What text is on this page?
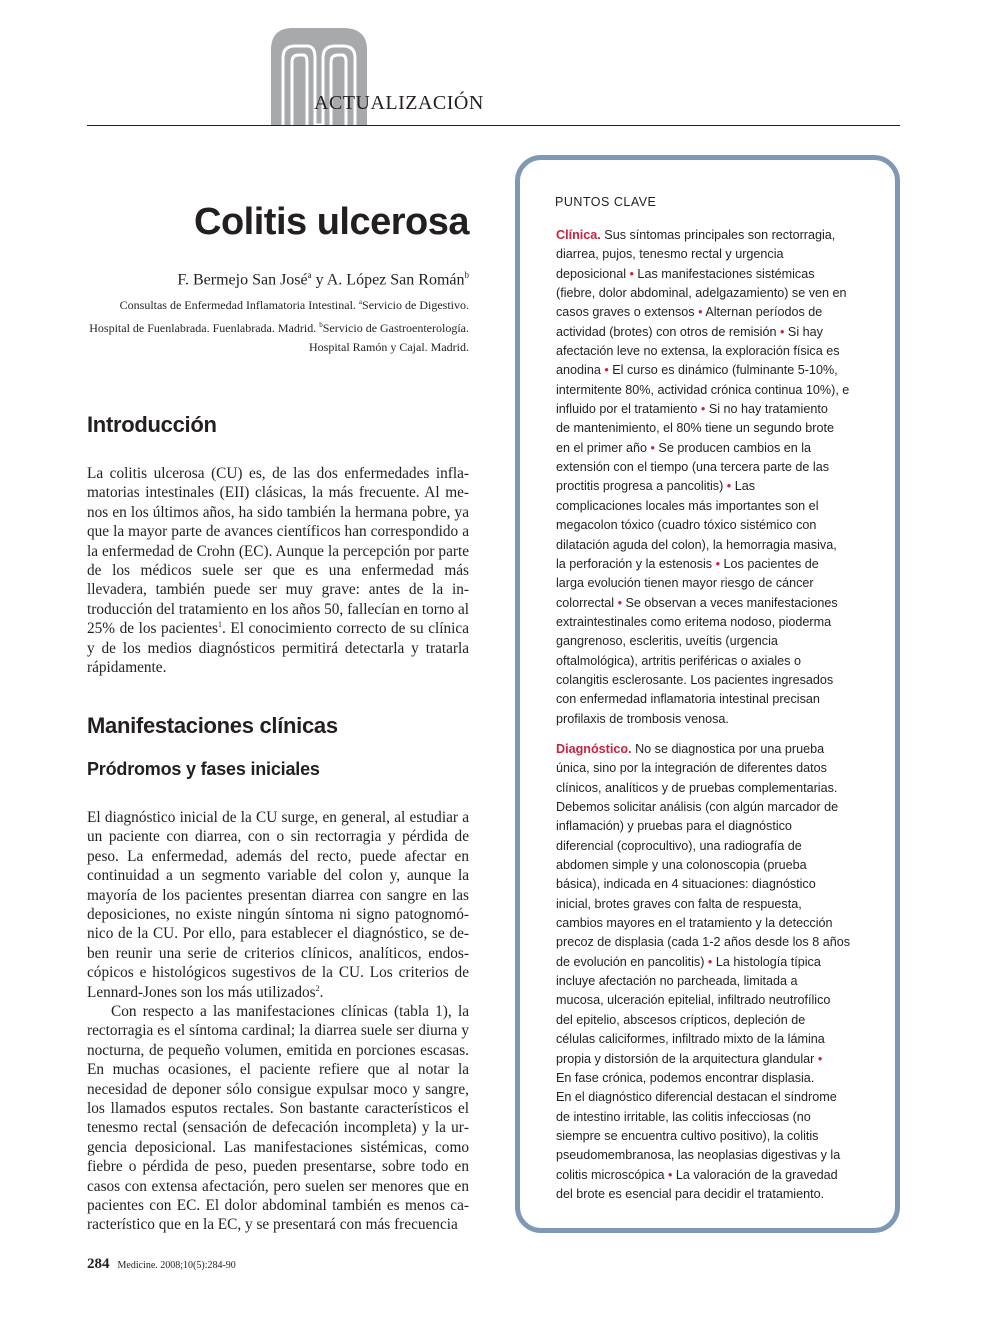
ACTUALIZACIÓN
Colitis ulcerosa
F. Bermejo San José$^a$ y A. López San Román$^b$
Consultas de Enfermedad Inflamatoria Intestinal. $^a$Servicio de Digestivo.
Hospital de Fuenlabrada. Fuenlabrada. Madrid. $^b$Servicio de Gastroenterología.
Hospital Ramón y Cajal. Madrid.
Introducción

La colitis ulcerosa (CU) es, de las dos enfermedades inflamatorias intestinales (EII) clásicas, la más frecuente. Al menos en los últimos años, ha sido también la hermana pobre, ya que la mayor parte de avances científicos han correspondido a la enfermedad de Crohn (EC). Aunque la percepción por parte de los médicos suele ser que es una enfermedad más llevadera, también puede ser muy grave: antes de la introducción del tratamiento en los años 50, fallecían en torno al 25% de los pacientes$^1$. El conocimiento correcto de su clínica y de los medios diagnósticos permitirá detectarla y tratarla rápidamente.

Manifestaciones clínicas
Pródromos y fases iniciales

El diagnóstico inicial de la CU surge, en general, al estudiar a un paciente con diarrea, con o sin rectorragia y pérdida de peso. La enfermedad, además del recto, puede afectar en continuidad a un segmento variable del colon y, aunque la mayoría de los pacientes presentan diarrea con sangre en las deposiciones, no existe ningún síntoma ni signo patognomónico de la CU. Por ello, para establecer el diagnóstico, se deben reunir una serie de criterios clínicos, analíticos, endoscópicos e histológicos sugestivos de la CU. Los criterios de Lennard-Jones son los más utilizados$^2$.

Con respecto a las manifestaciones clínicas (tabla 1), la rectorragia es el síntoma cardinal; la diarrea suele ser diurna y nocturna, de pequeño volumen, emitida en porciones escasas. En muchas ocasiones, el paciente refiere que al notar la necesidad de deponer sólo consigue expulsar moco y sangre, los llamados esputos rectales. Son bastante característicos el tenesmo rectal (sensación de defecación incompleta) y la urgencia deposicional. Las manifestaciones sistémicas, como fiebre o pérdida de peso, pueden presentarse, sobre todo en casos con extensa afectación, pero suelen ser menores que en pacientes con EC. El dolor abdominal también es menos característico que en la EC, y se presentará con más frecuencia

284 Medicine. 2008;10(5):284-90
PUNTOS CLAVE
Clínica. Sus síntomas principales son rectorragia,
diarrea, pujos, tenesmo rectal y urgencia
deposicional • Las manifestaciones sistémicas
(fiebre, dolor abdominal, adelgazamiento) se ven en
casos graves o extensos • Alternan períodos de
actividad (brotes) con otros de remisión • Si hay
afectación leve no extensa, la exploración física es
anodina • El curso es dinámico (fulminante 5-10%,
intermitente 80%, actividad crónica continua 10%), e
influido por el tratamiento • Si no hay tratamiento
de mantenimiento, el 80% tiene un segundo brote
en el primer año • Se producen cambios en la
extensión con el tiempo (una tercera parte de las
proctitis progresa a pancolitis) • Las
complicaciones locales más importantes son el
megacolon tóxico (cuadro tóxico sistémico con
dilatación aguda del colon), la hemorragia masiva,
la perforación y la estenosis • Los pacientes de
larga evolución tienen mayor riesgo de cáncer
colorrectal • Se observan a veces manifestaciones
extraintestinales como eritema nodoso, pioderma
gangrenoso, escleritis, uveítis (urgencia
oftalmológica), artritis periféricas o axiales o
colangitis esclerosante. Los pacientes ingresados
con enfermedad inflamatoria intestinal precisan
profilaxis de trombosis venosa.
Diagnóstico. No se diagnostica por una prueba
única, sino por la integración de diferentes datos
clínicos, analíticos y de pruebas complementarias.
Debemos solicitar análisis (con algún marcador de
inflamación) y pruebas para el diagnóstico
diferencial (coprocultivo), una radiografía de
abdomen simple y una colonoscopia (prueba
básica), indicada en 4 situaciones: diagnóstico
inicial, brotes graves con falta de respuesta,
cambios mayores en el tratamiento y la detección
precoz de displasia (cada 1-2 años desde los 8 años
de evolución en pancolitis) • La histología típica
incluye afectación no parcheada, limitada a
mucosa, ulceración epitelial, infiltrado neutrofílico
del epitelio, abscesos crípticos, depleción de
células caliciformes, infiltrado mixto de la lámina
propia y distorsión de la arquitectura glandular •
En fase crónica, podemos encontrar displasia.
En el diagnóstico diferencial destacan el síndrome
de intestino irritable, las colitis infecciosas (no
siempre se encuentra cultivo positivo), la colitis
pseudomembranosa, las neoplasias digestivas y la
colitis microscópica • La valoración de la gravedad
del brote es esencial para decidir el tratamiento.
